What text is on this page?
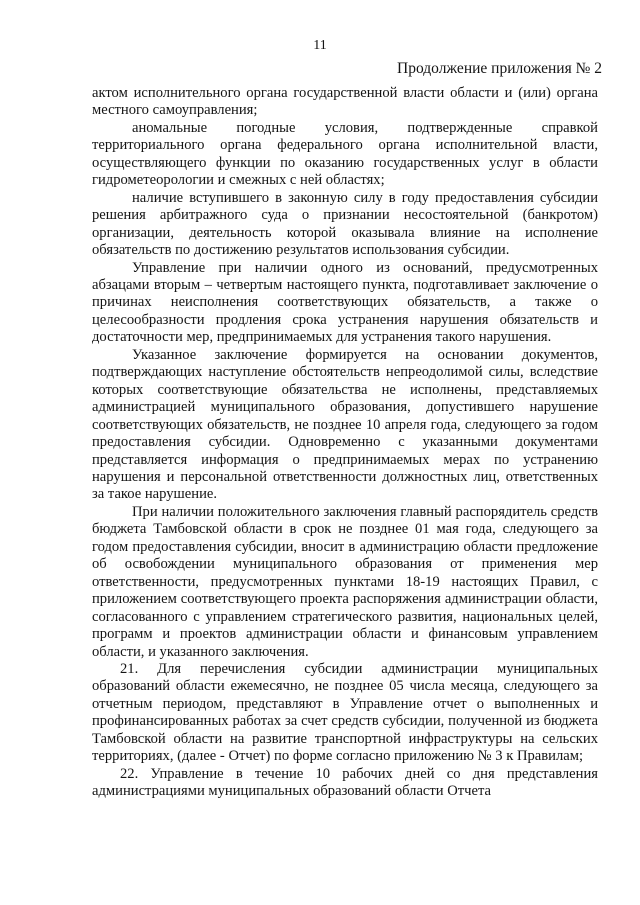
11
Продолжение приложения № 2

актом исполнительного органа государственной власти области и (или) органа местного самоуправления;

аномальные погодные условия, подтвержденные справкой территориального органа федерального органа исполнительной власти, осуществляющего функции по оказанию государственных услуг в области гидрометеорологии и смежных с ней областях;

наличие вступившего в законную силу в году предоставления субсидии решения арбитражного суда о признании несостоятельной (банкротом) организации, деятельность которой оказывала влияние на исполнение обязательств по достижению результатов использования субсидии.

Управление при наличии одного из оснований, предусмотренных абзацами вторым – четвертым настоящего пункта, подготавливает заключение о причинах неисполнения соответствующих обязательств, а также о целесообразности продления срока устранения нарушения обязательств и достаточности мер, предпринимаемых для устранения такого нарушения.

Указанное заключение формируется на основании документов, подтверждающих наступление обстоятельств непреодолимой силы, вследствие которых соответствующие обязательства не исполнены, представляемых администрацией муниципального образования, допустившего нарушение соответствующих обязательств, не позднее 10 апреля года, следующего за годом предоставления субсидии. Одновременно с указанными документами представляется информация о предпринимаемых мерах по устранению нарушения и персональной ответственности должностных лиц, ответственных за такое нарушение.

При наличии положительного заключения главный распорядитель средств бюджета Тамбовской области в срок не позднее 01 мая года, следующего за годом предоставления субсидии, вносит в администрацию области предложение об освобождении муниципального образования от применения мер ответственности, предусмотренных пунктами 18-19 настоящих Правил, с приложением соответствующего проекта распоряжения администрации области, согласованного с управлением стратегического развития, национальных целей, программ и проектов администрации области и финансовым управлением области, и указанного заключения.

21. Для перечисления субсидии администрации муниципальных образований области ежемесячно, не позднее 05 числа месяца, следующего за отчетным периодом, представляют в Управление отчет о выполненных и профинансированных работах за счет средств субсидии, полученной из бюджета Тамбовской области на развитие транспортной инфраструктуры на сельских территориях, (далее - Отчет) по форме согласно приложению № 3 к Правилам;

22. Управление в течение 10 рабочих дней со дня представления администрациями муниципальных образований области Отчета
